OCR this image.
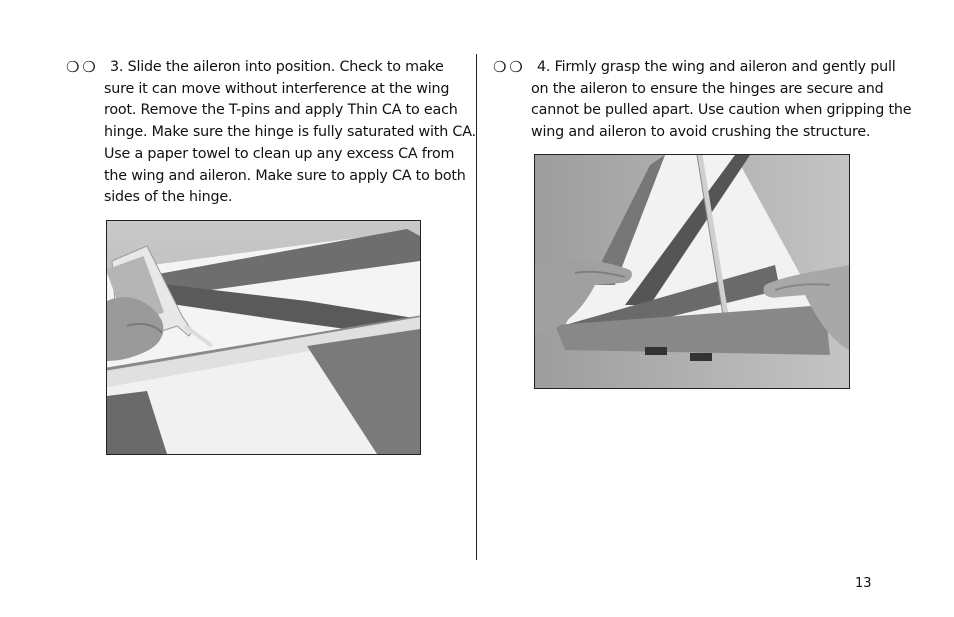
❍ ❍	3. Slide the aileron into position. Check to make
sure it can move without interference at the wing
root. Remove the T-pins and apply Thin CA to each
hinge. Make sure the hinge is fully saturated with CA.
Use a paper towel to clean up any excess CA from
the wing and aileron. Make sure to apply CA to both
sides of the hinge.
❍ ❍	4. Firmly grasp the wing and aileron and gently pull
on the aileron to ensure the hinges are secure and
cannot be pulled apart. Use caution when gripping the
wing and aileron to avoid crushing the structure.
13
